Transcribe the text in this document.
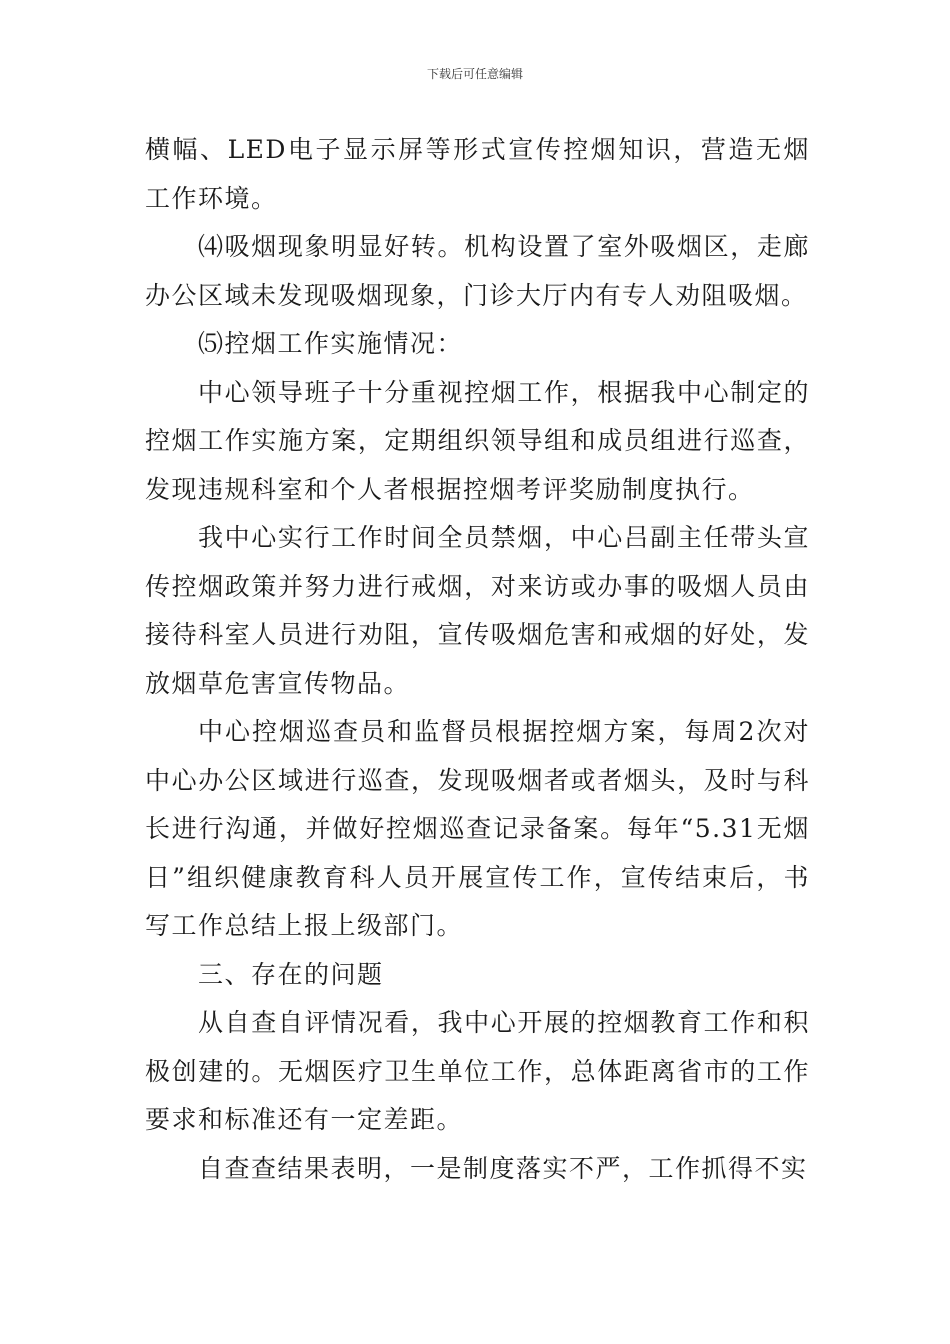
下载后可任意编辑

横幅、LED电子显示屏等形式宣传控烟知识，营造无烟工作环境。

⑷吸烟现象明显好转。机构设置了室外吸烟区，走廊办公区域未发现吸烟现象，门诊大厅内有专人劝阻吸烟。

⑸控烟工作实施情况：

中心领导班子十分重视控烟工作，根据我中心制定的控烟工作实施方案，定期组织领导组和成员组进行巡查，发现违规科室和个人者根据控烟考评奖励制度执行。

我中心实行工作时间全员禁烟，中心吕副主任带头宣传控烟政策并努力进行戒烟，对来访或办事的吸烟人员由接待科室人员进行劝阻，宣传吸烟危害和戒烟的好处，发放烟草危害宣传物品。

中心控烟巡查员和监督员根据控烟方案，每周2次对中心办公区域进行巡查，发现吸烟者或者烟头，及时与科长进行沟通，并做好控烟巡查记录备案。每年“5.31无烟日”组织健康教育科人员开展宣传工作，宣传结束后，书写工作总结上报上级部门。

三、存在的问题

从自查自评情况看，我中心开展的控烟教育工作和积极创建的。无烟医疗卫生单位工作，总体距离省市的工作要求和标准还有一定差距。

自查查结果表明，一是制度落实不严，工作抓得不实
